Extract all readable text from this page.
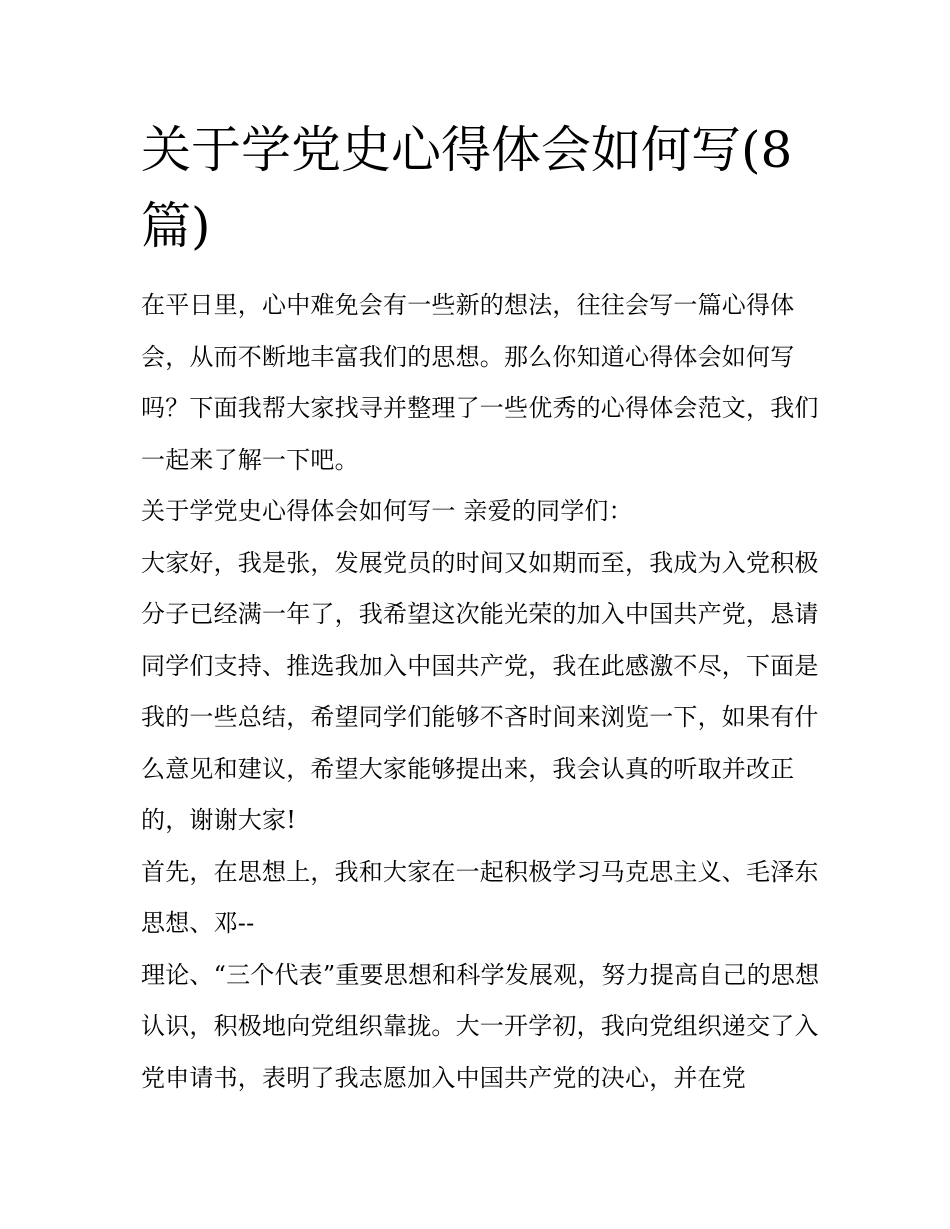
关于学党史心得体会如何写(8篇)

在平日里，心中难免会有一些新的想法，往往会写一篇心得体会，从而不断地丰富我们的思想。那么你知道心得体会如何写吗？下面我帮大家找寻并整理了一些优秀的心得体会范文，我们一起来了解一下吧。

关于学党史心得体会如何写一 亲爱的同学们：

大家好，我是张，发展党员的时间又如期而至，我成为入党积极分子已经满一年了，我希望这次能光荣的加入中国共产党，恳请同学们支持、推选我加入中国共产党，我在此感激不尽，下面是我的一些总结，希望同学们能够不吝时间来浏览一下，如果有什么意见和建议，希望大家能够提出来，我会认真的听取并改正的，谢谢大家!

首先，在思想上，我和大家在一起积极学习马克思主义、毛泽东思想、邓--

理论、“三个代表”重要思想和科学发展观，努力提高自己的思想认识，积极地向党组织靠拢。大一开学初，我向党组织递交了入党申请书，表明了我志愿加入中国共产党的决心，并在党
